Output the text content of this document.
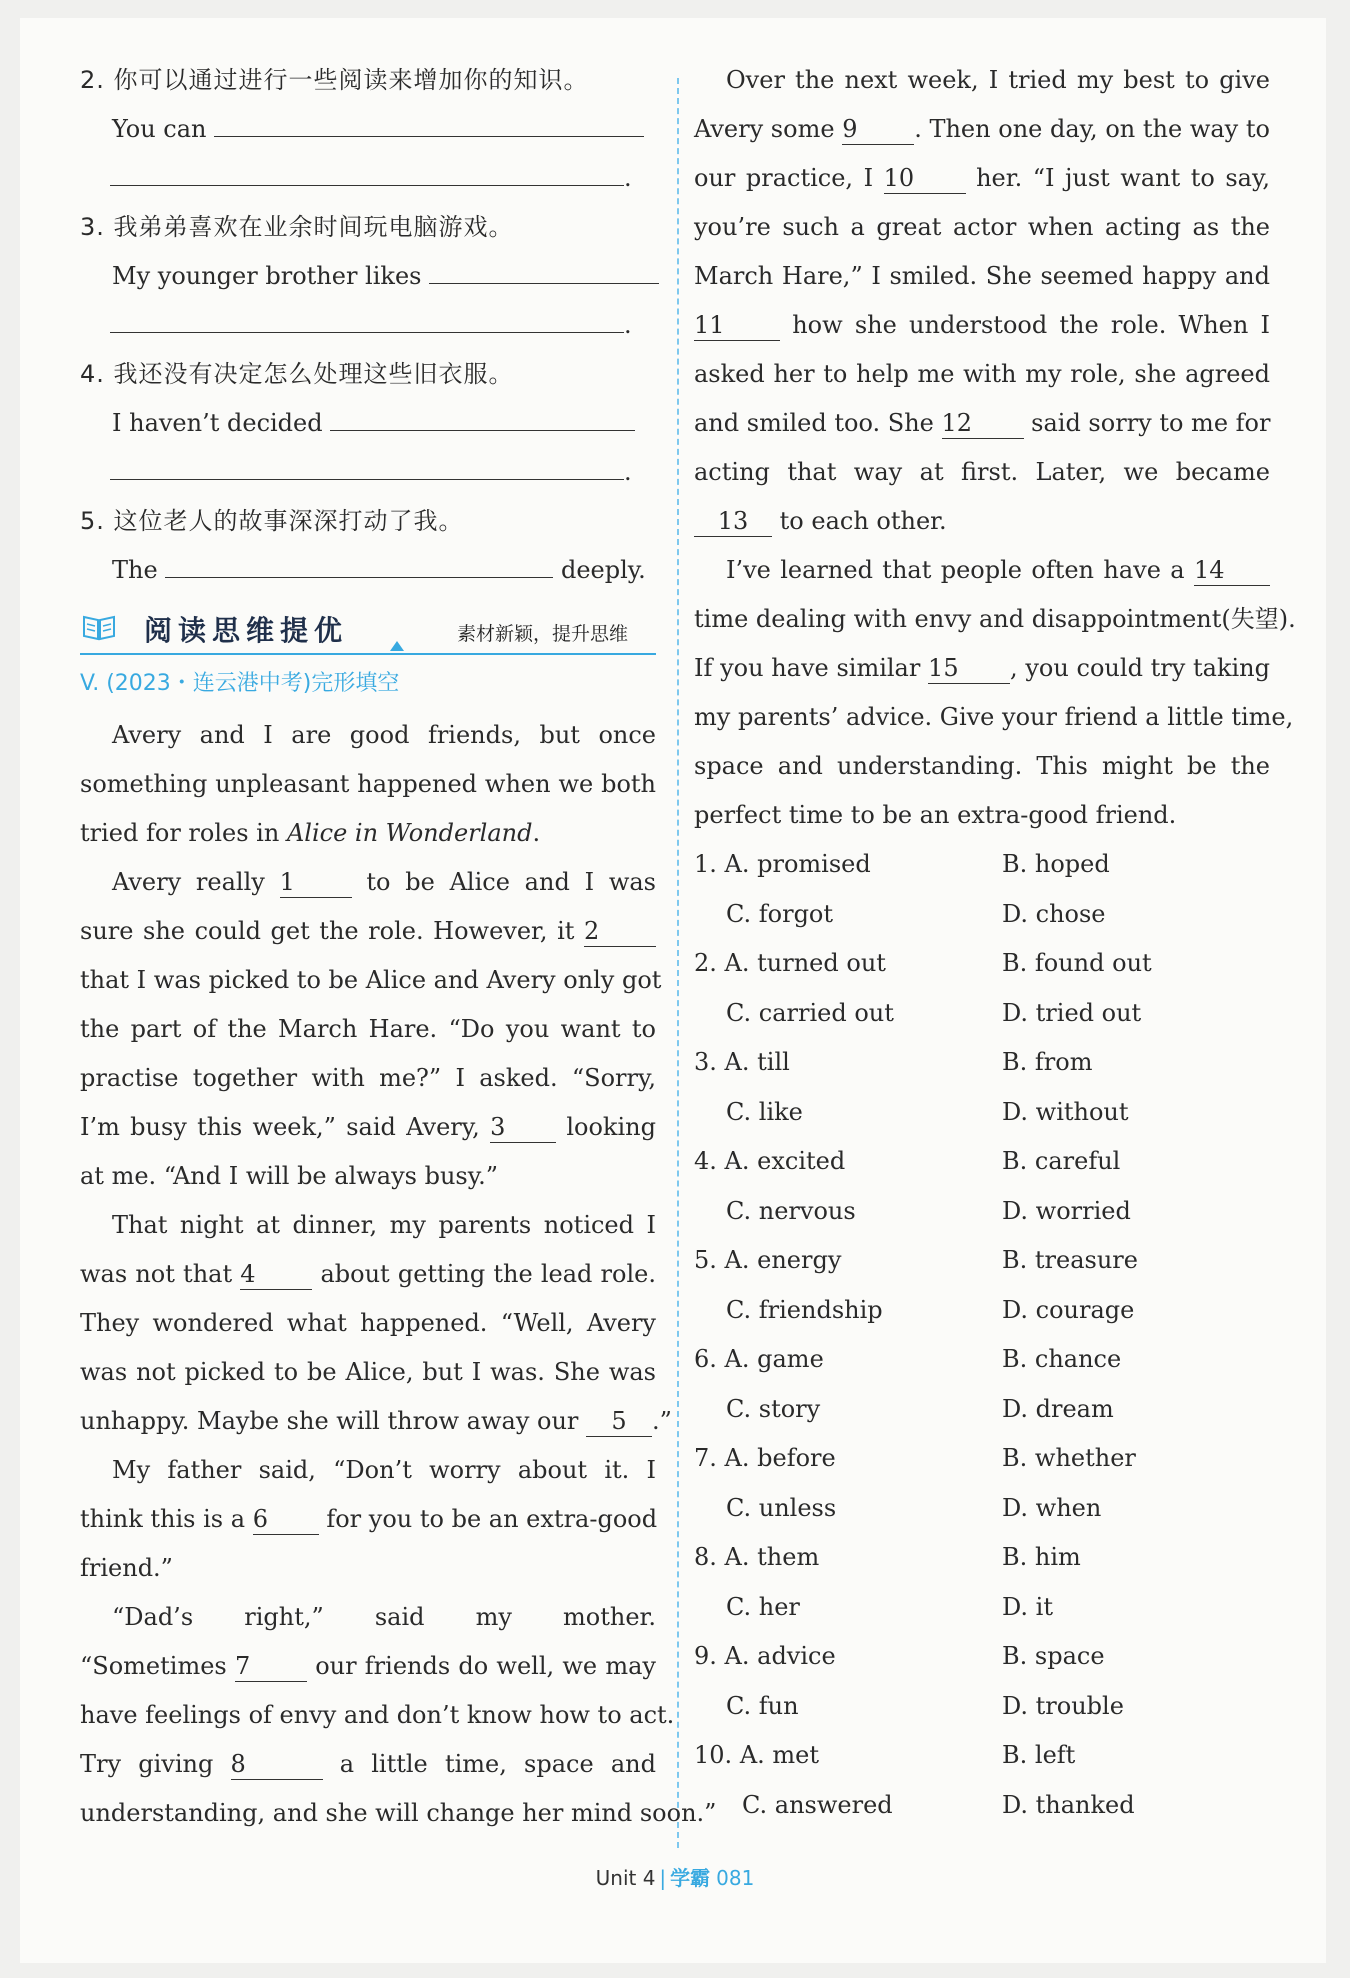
2. 你可以通过进行一些阅读来增加你的知识。
You can
.
3. 我弟弟喜欢在业余时间玩电脑游戏。
My younger brother likes
.
4. 我还没有决定怎么处理这些旧衣服。
I haven’t decided
.
5. 这位老人的故事深深打动了我。
The	deeply.
阅读思维提优	素材新颖，提升思维
V. (2023・连云港中考)完形填空
Avery and I are good friends, but once
something unpleasant happened when we both
tried for roles in Alice in Wonderland.
Avery really 1	to be Alice and I was
sure she could get the role. However, it 2
that I was picked to be Alice and Avery only got
the part of the March Hare. “Do you want to
practise together with me?” I asked. “Sorry,
I’m busy this week,” said Avery, 3	looking
at me. “And I will be always busy.”
That night at dinner, my parents noticed I
was not that 4	about getting the lead role.
They wondered what happened. “Well, Avery
was not picked to be Alice, but I was. She was
unhappy. Maybe she will throw away our 5 .”
My father said, “Don’t worry about it. I
think this is a 6 for you to be an extra-good
friend.”
“Dad’s right,” said my mother.
“Sometimes 7	our friends do well, we may
have feelings of envy and don’t know how to act.
Try giving 8	a little time, space and
understanding, and she will change her mind soon.”
Over the next week, I tried my best to give
Avery some 9 . Then one day, on the way to
our practice, I 10	her. “I just want to say,
you’re such a great actor when acting as the
March Hare,” I smiled. She seemed happy and
11	how she understood the role. When I
asked her to help me with my role, she agreed
and smiled too. She 12 said sorry to me for
acting that way at first. Later, we became
13 to each other.
I’ve learned that people often have a 14
time dealing with envy and disappointment(失望).
If you have similar 15 , you could try taking
my parents’ advice. Give your friend a little time,
space and understanding. This might be the
perfect time to be an extra-good friend.
1. A. promised	B. hoped
C. forgot	D. chose
2. A. turned out	B. found out
C. carried out	D. tried out
3. A. till	B. from
C. like	D. without
4. A. excited	B. careful
C. nervous	D. worried
5. A. energy	B. treasure
C. friendship	D. courage
6. A. game	B. chance
C. story	D. dream
7. A. before	B. whether
C. unless	D. when
8. A. them	B. him
C. her	D. it
9. A. advice	B. space
C. fun	D. trouble
10. A. met	B. left
C. answered	D. thanked
Unit 4 | 学霸 081
